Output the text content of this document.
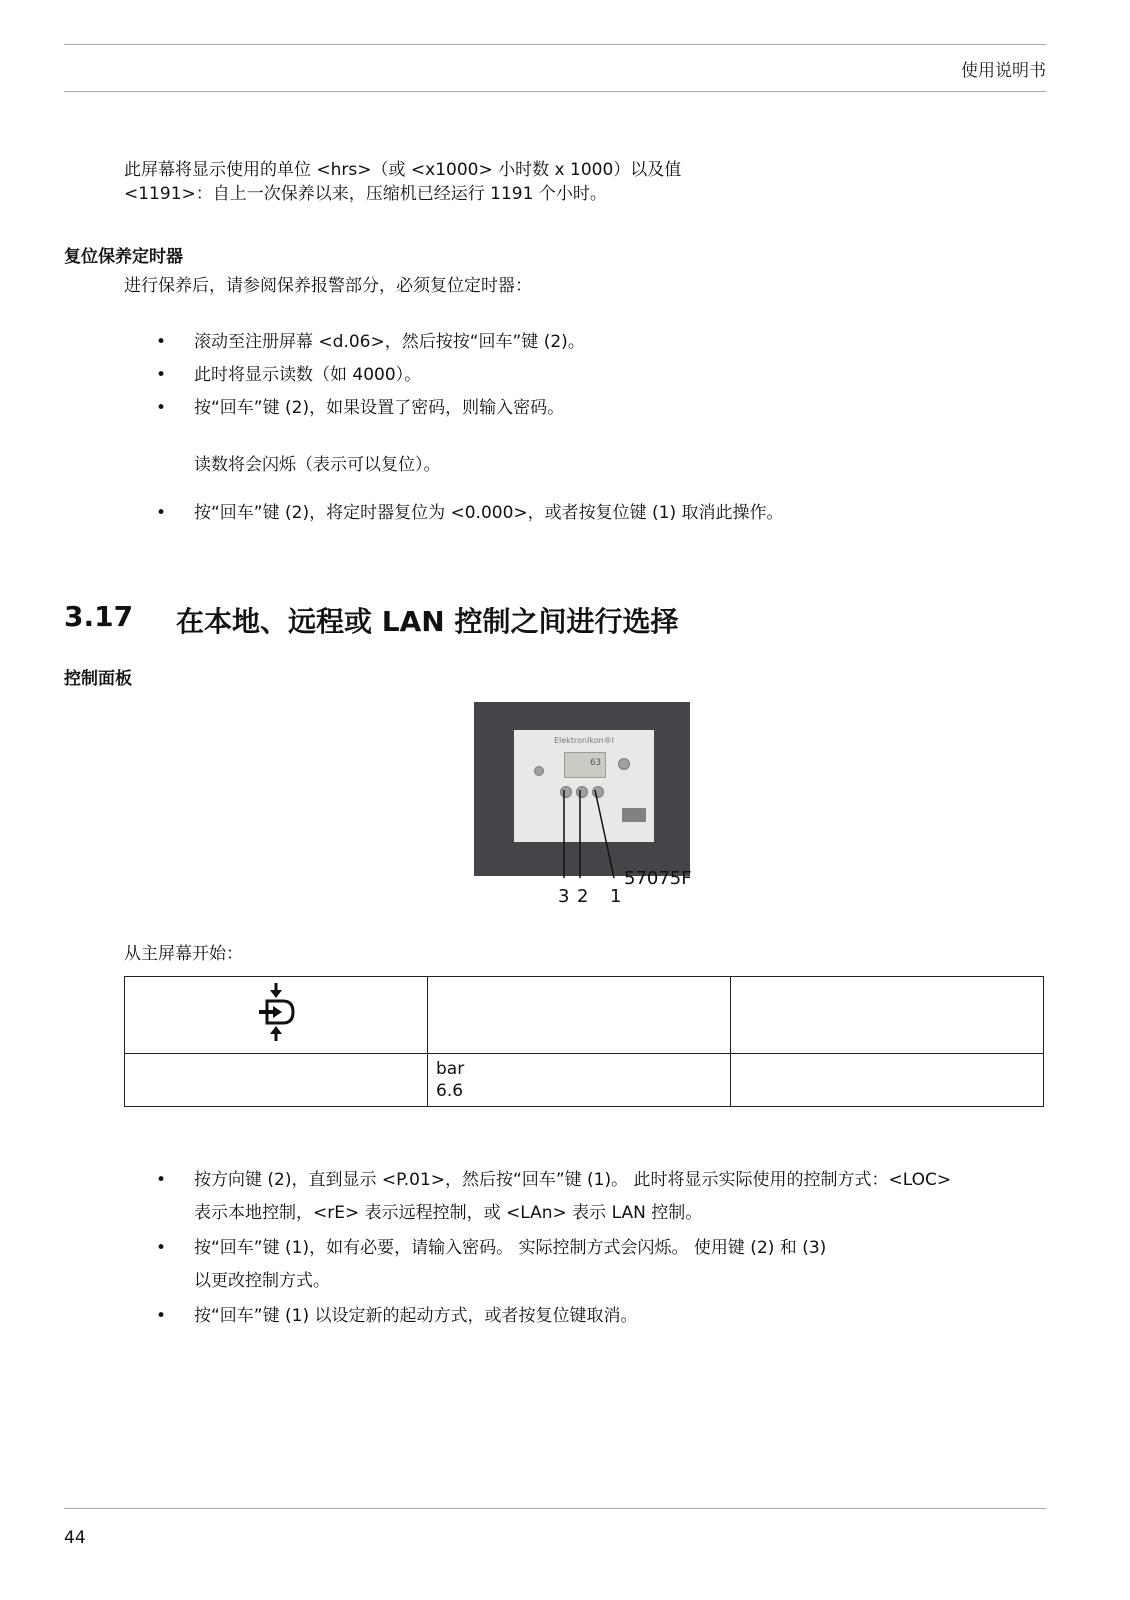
使用说明书
此屏幕将显示使用的单位 <hrs>（或 <x1000> 小时数 x 1000）以及值
<1191>：自上一次保养以来，压缩机已经运行 1191 个小时。
复位保养定时器
进行保养后，请参阅保养报警部分，必须复位定时器：
• 滚动至注册屏幕 <d.06>，然后按按“回车”键 (2)。
• 此时将显示读数（如 4000）。
• 按“回车”键 (2)，如果设置了密码，则输入密码。
读数将会闪烁（表示可以复位）。
• 按“回车”键 (2)，将定时器复位为 <0.000>，或者按复位键 (1) 取消此操作。
3.17 在本地、远程或 LAN 控制之间进行选择
控制面板
ElektronIkon®I
63
57075F
3 2 1
从主屏幕开始：

	bar
6.6	

• 按方向键 (2)，直到显示 <P.01>，然后按“回车”键 (1)。 此时将显示实际使用的控制方式：<LOC>
表示本地控制，<rE> 表示远程控制，或 <LAn> 表示 LAN 控制。
• 按“回车”键 (1)，如有必要，请输入密码。 实际控制方式会闪烁。 使用键 (2) 和 (3)
以更改控制方式。
• 按“回车”键 (1) 以设定新的起动方式，或者按复位键取消。
44
